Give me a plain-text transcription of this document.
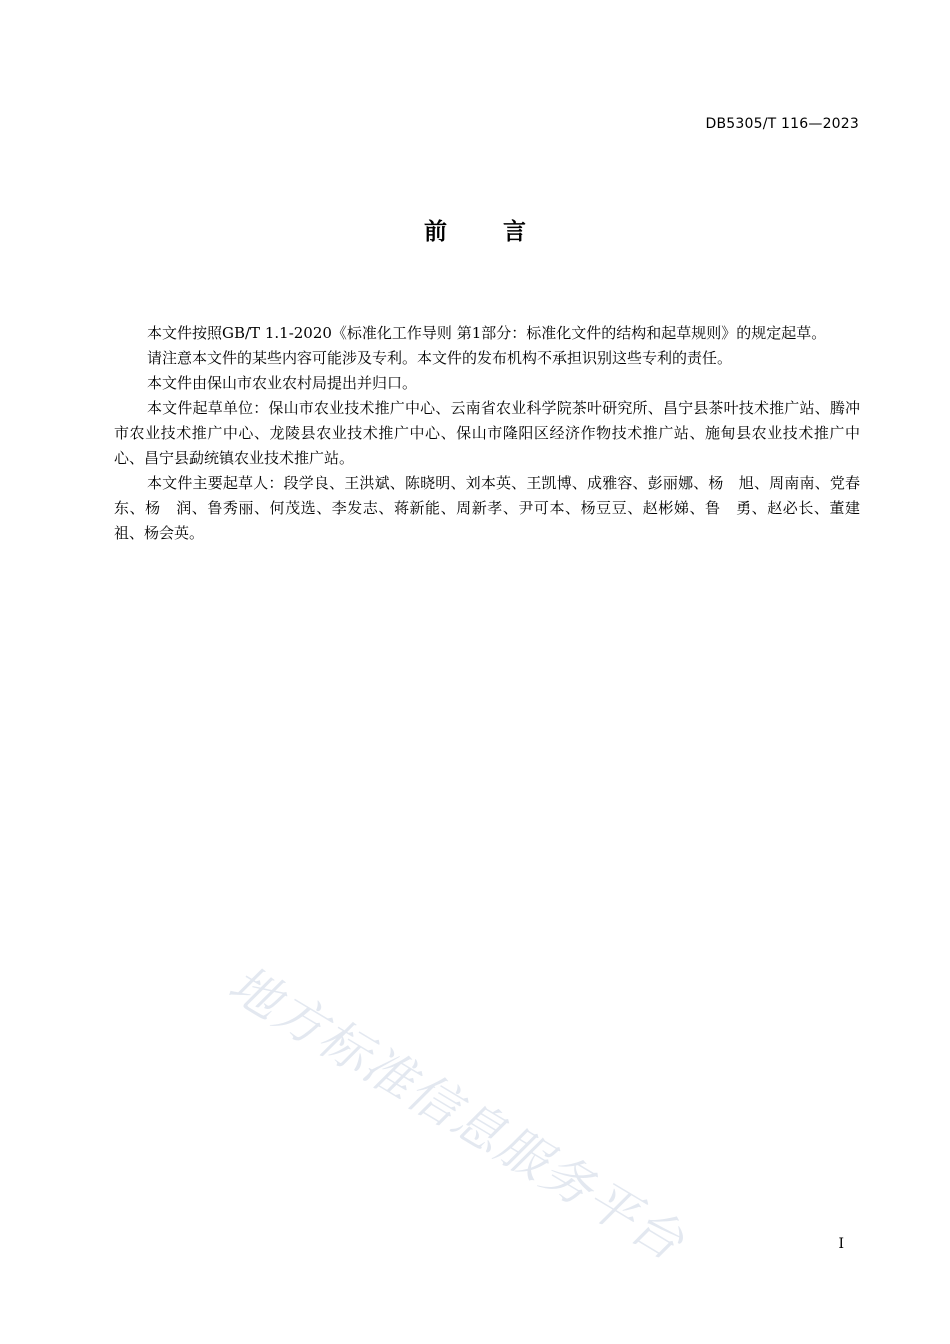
DB5305/T 116—2023
前言

本文件按照GB/T 1.1-2020《标准化工作导则 第1部分：标准化文件的结构和起草规则》的规定起草。

请注意本文件的某些内容可能涉及专利。本文件的发布机构不承担识别这些专利的责任。

本文件由保山市农业农村局提出并归口。

本文件起草单位：保山市农业技术推广中心、云南省农业科学院茶叶研究所、昌宁县茶叶技术推广站、腾冲市农业技术推广中心、龙陵县农业技术推广中心、保山市隆阳区经济作物技术推广站、施甸县农业技术推广中心、昌宁县勐统镇农业技术推广站。

本文件主要起草人：段学良、王洪斌、陈晓明、刘本英、王凯博、成雅容、彭丽娜、杨　旭、周南南、党春东、杨　润、鲁秀丽、何茂选、李发志、蒋新能、周新孝、尹可本、杨豆豆、赵彬娣、鲁　勇、赵必长、董建祖、杨会英。

地方标准信息服务平台	I
